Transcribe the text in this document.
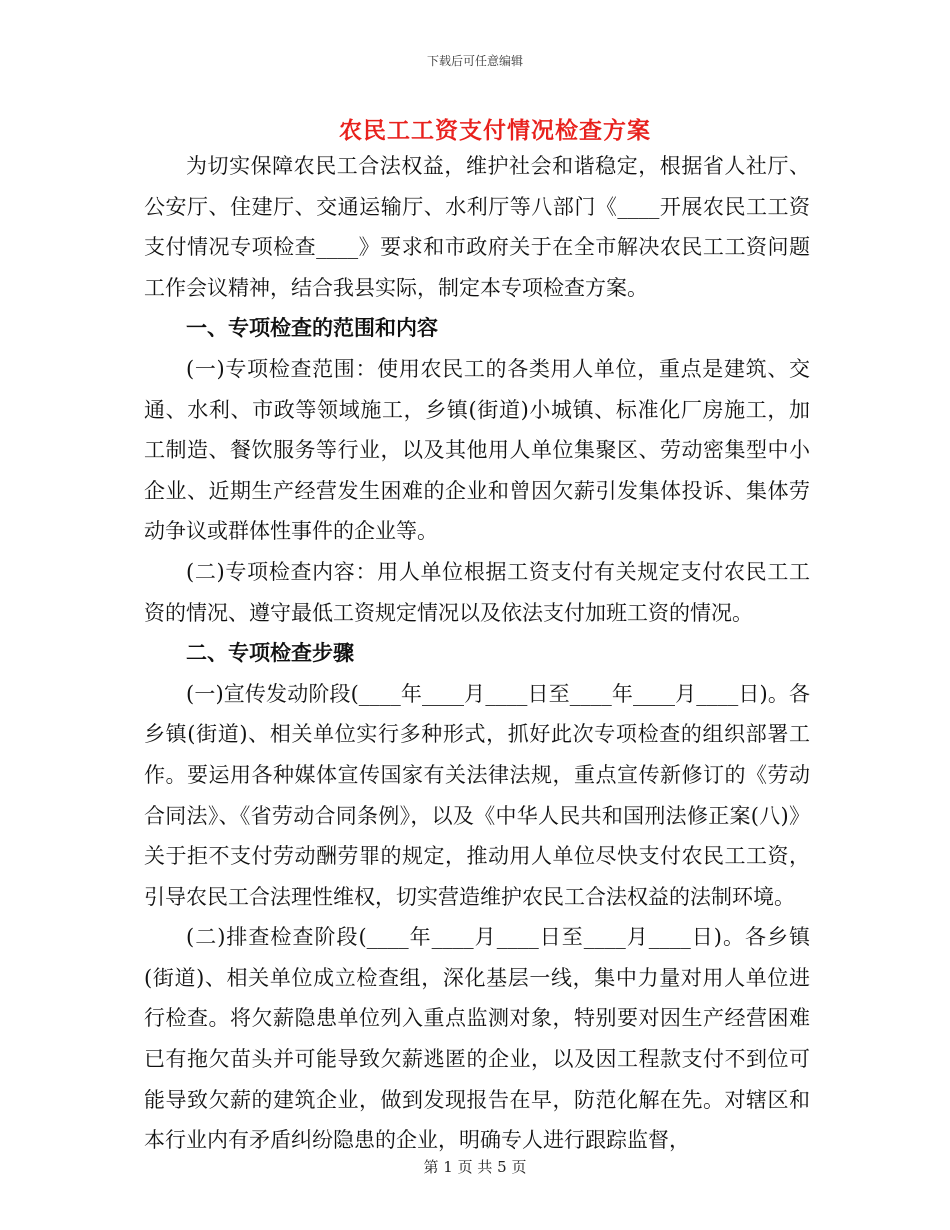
下载后可任意编辑
农民工工资支付情况检查方案

为切实保障农民工合法权益，维护社会和谐稳定，根据省人社厅、公安厅、住建厅、交通运输厅、水利厅等八部门《____开展农民工工资支付情况专项检查____》要求和市政府关于在全市解决农民工工资问题工作会议精神，结合我县实际，制定本专项检查方案。

一、专项检查的范围和内容

(一)专项检查范围：使用农民工的各类用人单位，重点是建筑、交通、水利、市政等领域施工，乡镇(街道)小城镇、标准化厂房施工，加工制造、餐饮服务等行业，以及其他用人单位集聚区、劳动密集型中小企业、近期生产经营发生困难的企业和曾因欠薪引发集体投诉、集体劳动争议或群体性事件的企业等。

(二)专项检查内容：用人单位根据工资支付有关规定支付农民工工资的情况、遵守最低工资规定情况以及依法支付加班工资的情况。

二、专项检查步骤

(一)宣传发动阶段(____年____月____日至____年____月____日)。各乡镇(街道)、相关单位实行多种形式，抓好此次专项检查的组织部署工作。要运用各种媒体宣传国家有关法律法规，重点宣传新修订的《劳动合同法》、《省劳动合同条例》，以及《中华人民共和国刑法修正案(八)》关于拒不支付劳动酬劳罪的规定，推动用人单位尽快支付农民工工资，引导农民工合法理性维权，切实营造维护农民工合法权益的法制环境。

(二)排查检查阶段(____年____月____日至____月____日)。各乡镇(街道)、相关单位成立检查组，深化基层一线，集中力量对用人单位进行检查。将欠薪隐患单位列入重点监测对象，特别要对因生产经营困难已有拖欠苗头并可能导致欠薪逃匿的企业，以及因工程款支付不到位可能导致欠薪的建筑企业，做到发现报告在早，防范化解在先。对辖区和本行业内有矛盾纠纷隐患的企业，明确专人进行跟踪监督，

第 1 页 共 5 页
